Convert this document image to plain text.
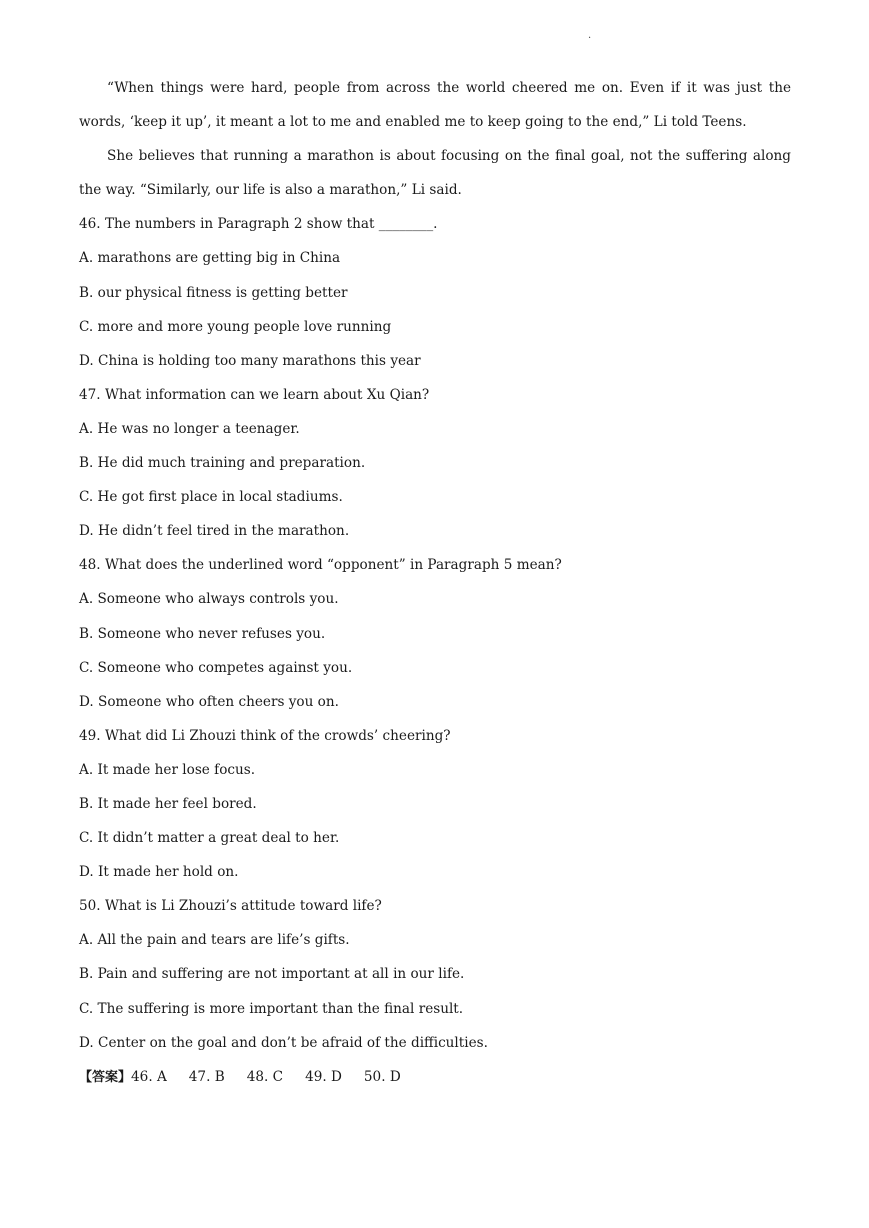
.

“When things were hard, people from across the world cheered me on. Even if it was just the words, ‘keep it up’, it meant a lot to me and enabled me to keep going to the end,” Li told Teens.

She believes that running a marathon is about focusing on the final goal, not the suffering along the way. “Similarly, our life is also a marathon,” Li said.

46. The numbers in Paragraph 2 show that ________.

A. marathons are getting big in China

B. our physical fitness is getting better

C. more and more young people love running

D. China is holding too many marathons this year

47. What information can we learn about Xu Qian?

A. He was no longer a teenager.

B. He did much training and preparation.

C. He got first place in local stadiums.

D. He didn’t feel tired in the marathon.

48. What does the underlined word “opponent” in Paragraph 5 mean?

A. Someone who always controls you.

B. Someone who never refuses you.

C. Someone who competes against you.

D. Someone who often cheers you on.

49. What did Li Zhouzi think of the crowds’ cheering?

A. It made her lose focus.

B. It made her feel bored.

C. It didn’t matter a great deal to her.

D. It made her hold on.

50. What is Li Zhouzi’s attitude toward life?

A. All the pain and tears are life’s gifts.

B. Pain and suffering are not important at all in our life.

C. The suffering is more important than the final result.

D. Center on the goal and don’t be afraid of the difficulties.

【答案】46. A 47. B 48. C 49. D 50. D
